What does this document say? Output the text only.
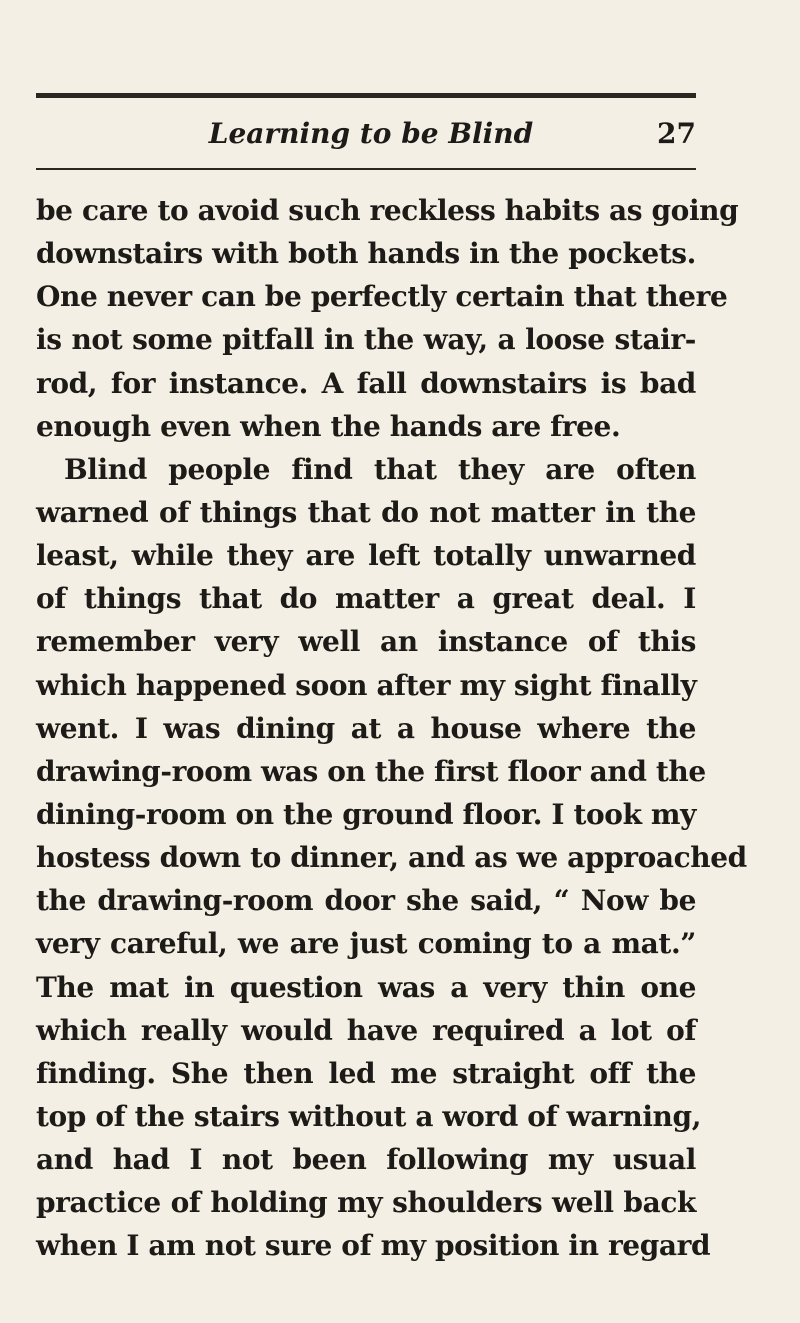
Learning to be Blind	27
be care to avoid such reckless habits as going
downstairs with both hands in the pockets.
One never can be perfectly certain that there
is not some pitfall in the way, a loose stair-
rod, for instance. A fall downstairs is bad
enough even when the hands are free.
Blind people find that they are often
warned of things that do not matter in the
least, while they are left totally unwarned
of things that do matter a great deal. I
remember very well an instance of this
which happened soon after my sight finally
went. I was dining at a house where the
drawing-room was on the first floor and the
dining-room on the ground floor. I took my
hostess down to dinner, and as we approached
the drawing-room door she said, “ Now be
very careful, we are just coming to a mat.”
The mat in question was a very thin one
which really would have required a lot of
finding. She then led me straight off the
top of the stairs without a word of warning,
and had I not been following my usual
practice of holding my shoulders well back
when I am not sure of my position in regard
